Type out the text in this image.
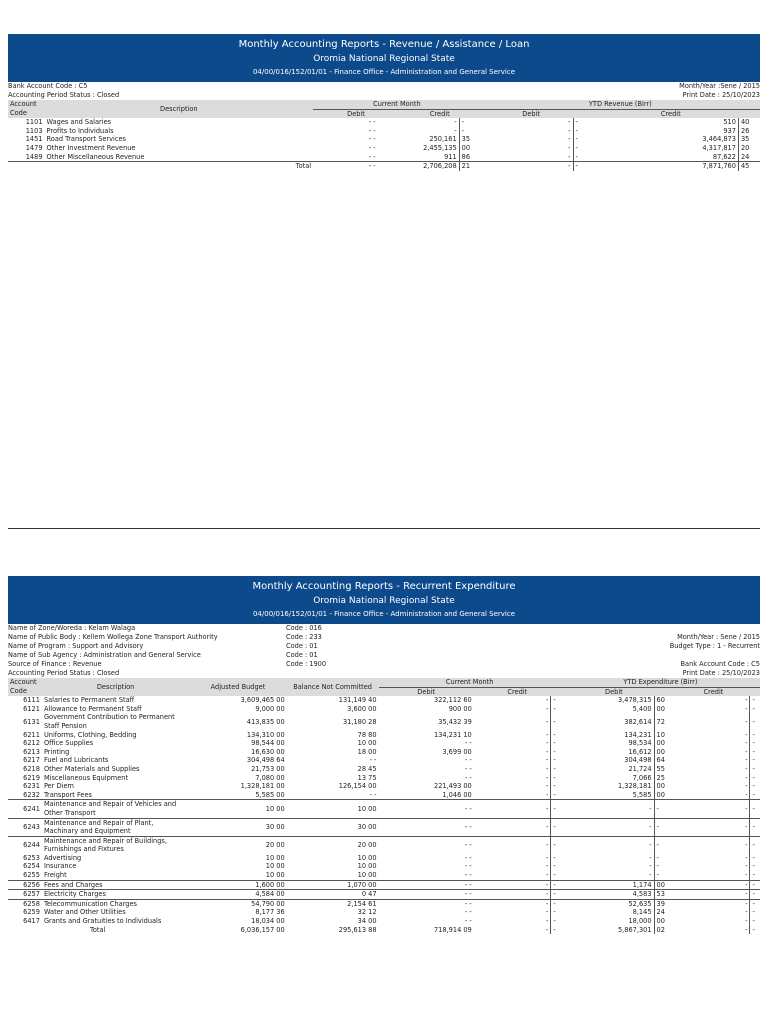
Monthly Accounting Reports - Revenue / Assistance / Loan
Oromia National Regional State
04/00/016/152/01/01 - Finance Office - Administration and General Service
Bank Account Code : C5	Month/Year :Sene / 2015
Accounting Period Status : Closed	Print Date : 25/10/2023
Account	Description	Current Month				YTD Revenue (Birr)			
Code		Debit		Credit		Debit		Credit	
1101	Wages and Salaries		- -	-	-	-	-	510	40
1103	Profits to Individuals		- -	-	-	-	-	937	26
1451	Road Transport Services		- -	250,161	35	-	-	3,464,873	35
1479	Other Investment Revenue		- -	2,455,135	00	-	-	4,317,817	20
1489	Other Miscellaneous Revenue		- -	911	86	-	-	87,622	24
	Total		- -	2,706,208	21	-	-	7,871,760	45
Monthly Accounting Reports - Recurrent Expenditure
Oromia National Regional State
04/00/016/152/01/01 - Finance Office - Administration and General Service
Name of Zone/Woreda : Kelam Walaga	Code : 016
Name of Public Body : Kellem Wollega Zone Transport Authority	Code : 233
Name of Program : Support and Advisory	Code : 01
Name of Sub Agency : Administration and General Service	Code : 01
Source of Finance : Revenue	Code : 1900
Accounting Period Status : Closed
Month/Year : Sene / 2015
Budget Type : 1 - Recurrent
Bank Account Code : C5
Print Date : 25/10/2023
Account	Description	Adjusted Budget	Balance Not Committed	Current Month			YTD Expenditure (Birr)			
Code				Debit	Credit		Debit		Credit	
6111	Salaries to Permanent Staff	3,609,465 00	131,149 40	322,112 60	-	-	3,478,315	60	-	-
6121	Allowance to Permanent Staff	9,000 00	3,600 00	900 00	-	-	5,400	00	-	-
6131	Government Contribution to Permanent Staff Pension	413,835 00	31,180 28	35,432 39	-	-	382,614	72	-	-
6211	Uniforms, Clothing, Bedding	134,310 00	78 80	134,231 10	-	-	134,231	10	-	-
6212	Office Supplies	98,544 00	10 00	- -	-	-	98,534	00	-	-
6213	Printing	16,630 00	18 00	3,699 00	-	-	16,612	00	-	-
6217	Fuel and Lubricants	304,498 64	- -	- -	-	-	304,498	64	-	-
6218	Other Materials and Supplies	21,753 00	28 45	- -	-	-	21,724	55	-	-
6219	Miscellaneous Equipment	7,080 00	13 75	- -	-	-	7,066	25	-	-
6231	Per Diem	1,328,181 00	126,154 00	221,493 00	-	-	1,328,181	00	-	-
6232	Transport Fees	5,585 00	- -	1,046 00	-	-	5,585	00	-	-
6241	Maintenance and Repair of Vehicles and Other Transport	10 00	10 00	- -	-	-	-	-	-	-
6243	Maintenance and Repair of Plant, Machinary and Equipment	30 00	30 00	- -	-	-	-	-	-	-
6244	Maintenance and Repair of Buildings, Furnishings and Fixtures	20 00	20 00	- -	-	-	-	-	-	-
6253	Advertising	10 00	10 00	- -	-	-	-	-	-	-
6254	Insurance	10 00	10 00	- -	-	-	-	-	-	-
6255	Freight	10 00	10 00	- -	-	-	-	-	-	-
6256	Fees and Charges	1,600 00	1,070 00	- -	-	-	1,174	00	-	-
6257	Electricity Charges	4,584 00	0 47	- -	-	-	4,583	53	-	-
6258	Telecommunication Charges	54,790 00	2,154 61	- -	-	-	52,635	39	-	-
6259	Water and Other Utilities	8,177 36	32 12	- -	-	-	8,145	24	-	-
6417	Grants and Gratuities to Individuals	18,034 00	34 00	- -	-	-	18,000	00	-	-
	Total	6,036,157 00	295,613 88	718,914 09	-	-	5,867,301	02	-	-
